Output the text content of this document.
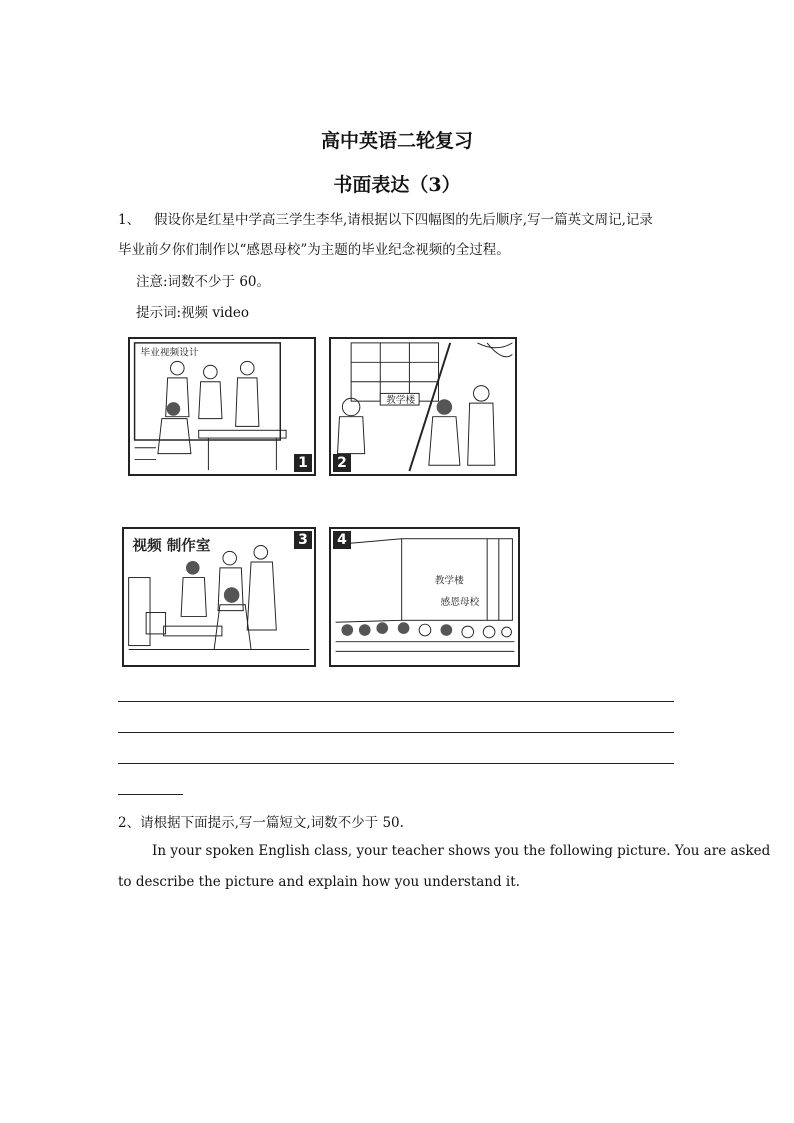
高中英语二轮复习
书面表达（3）
1、 假设你是红星中学高三学生李华,请根据以下四幅图的先后顺序,写一篇英文周记,记录
毕业前夕你们制作以“感恩母校”为主题的毕业纪念视频的全过程。
注意:词数不少于 60。
提示词:视频 video
毕业视频设计
1
教学楼
2
视频 制作室	3
教学楼
感恩母校
4
2、请根据下面提示,写一篇短文,词数不少于 50.
In your spoken English class, your teacher shows you the following picture. You are asked
to describe the picture and explain how you understand it.
